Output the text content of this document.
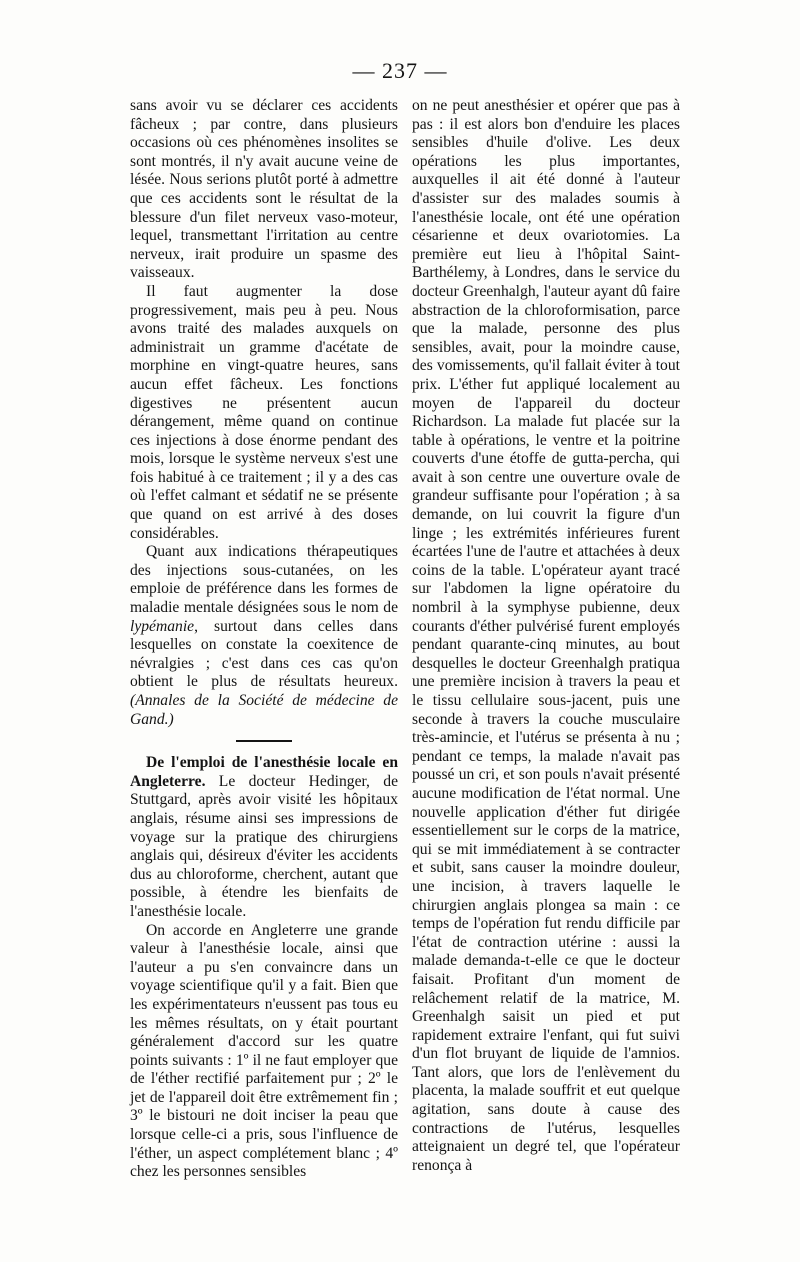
— 237 —

sans avoir vu se déclarer ces accidents fâcheux ; par contre, dans plusieurs occasions où ces phénomènes insolites se sont montrés, il n'y avait aucune veine de lésée. Nous serions plutôt porté à admettre que ces accidents sont le résultat de la blessure d'un filet nerveux vaso-moteur, lequel, transmettant l'irritation au centre nerveux, irait produire un spasme des vaisseaux.

Il faut augmenter la dose progressivement, mais peu à peu. Nous avons traité des malades auxquels on administrait un gramme d'acétate de morphine en vingt-quatre heures, sans aucun effet fâcheux. Les fonctions digestives ne présentent aucun dérangement, même quand on continue ces injections à dose énorme pendant des mois, lorsque le système nerveux s'est une fois habitué à ce traitement ; il y a des cas où l'effet calmant et sédatif ne se présente que quand on est arrivé à des doses considérables.

Quant aux indications thérapeutiques des injections sous-cutanées, on les emploie de préférence dans les formes de maladie mentale désignées sous le nom de lypémanie, surtout dans celles dans lesquelles on constate la coexitence de névralgies ; c'est dans ces cas qu'on obtient le plus de résultats heureux. (Annales de la Société de médecine de Gand.)

De l'emploi de l'anesthésie locale en Angleterre. Le docteur Hedinger, de Stuttgard, après avoir visité les hôpitaux anglais, résume ainsi ses impressions de voyage sur la pratique des chirurgiens anglais qui, désireux d'éviter les accidents dus au chloroforme, cherchent, autant que possible, à étendre les bienfaits de l'anesthésie locale.

On accorde en Angleterre une grande valeur à l'anesthésie locale, ainsi que l'auteur a pu s'en convaincre dans un voyage scientifique qu'il y a fait. Bien que les expérimentateurs n'eussent pas tous eu les mêmes résultats, on y était pourtant généralement d'accord sur les quatre points suivants : 1º il ne faut employer que de l'éther rectifié parfaitement pur ; 2º le jet de l'appareil doit être extrêmement fin ; 3º le bistouri ne doit inciser la peau que lorsque celle-ci a pris, sous l'influence de l'éther, un aspect complétement blanc ; 4º chez les personnes sensibles

on ne peut anesthésier et opérer que pas à pas : il est alors bon d'enduire les places sensibles d'huile d'olive. Les deux opérations les plus importantes, auxquelles il ait été donné à l'auteur d'assister sur des malades soumis à l'anesthésie locale, ont été une opération césarienne et deux ovariotomies. La première eut lieu à l'hôpital Saint-Barthélemy, à Londres, dans le service du docteur Greenhalgh, l'auteur ayant dû faire abstraction de la chloroformisation, parce que la malade, personne des plus sensibles, avait, pour la moindre cause, des vomissements, qu'il fallait éviter à tout prix. L'éther fut appliqué localement au moyen de l'appareil du docteur Richardson. La malade fut placée sur la table à opérations, le ventre et la poitrine couverts d'une étoffe de gutta-percha, qui avait à son centre une ouverture ovale de grandeur suffisante pour l'opération ; à sa demande, on lui couvrit la figure d'un linge ; les extrémités inférieures furent écartées l'une de l'autre et attachées à deux coins de la table. L'opérateur ayant tracé sur l'abdomen la ligne opératoire du nombril à la symphyse pubienne, deux courants d'éther pulvérisé furent employés pendant quarante-cinq minutes, au bout desquelles le docteur Greenhalgh pratiqua une première incision à travers la peau et le tissu cellulaire sous-jacent, puis une seconde à travers la couche musculaire très-amincie, et l'utérus se présenta à nu ; pendant ce temps, la malade n'avait pas poussé un cri, et son pouls n'avait présenté aucune modification de l'état normal. Une nouvelle application d'éther fut dirigée essentiellement sur le corps de la matrice, qui se mit immédiatement à se contracter et subit, sans causer la moindre douleur, une incision, à travers laquelle le chirurgien anglais plongea sa main : ce temps de l'opération fut rendu difficile par l'état de contraction utérine : aussi la malade demanda-t-elle ce que le docteur faisait. Profitant d'un moment de relâchement relatif de la matrice, M. Greenhalgh saisit un pied et put rapidement extraire l'enfant, qui fut suivi d'un flot bruyant de liquide de l'amnios. Tant alors, que lors de l'enlèvement du placenta, la malade souffrit et eut quelque agitation, sans doute à cause des contractions de l'utérus, lesquelles atteignaient un degré tel, que l'opérateur renonça à
